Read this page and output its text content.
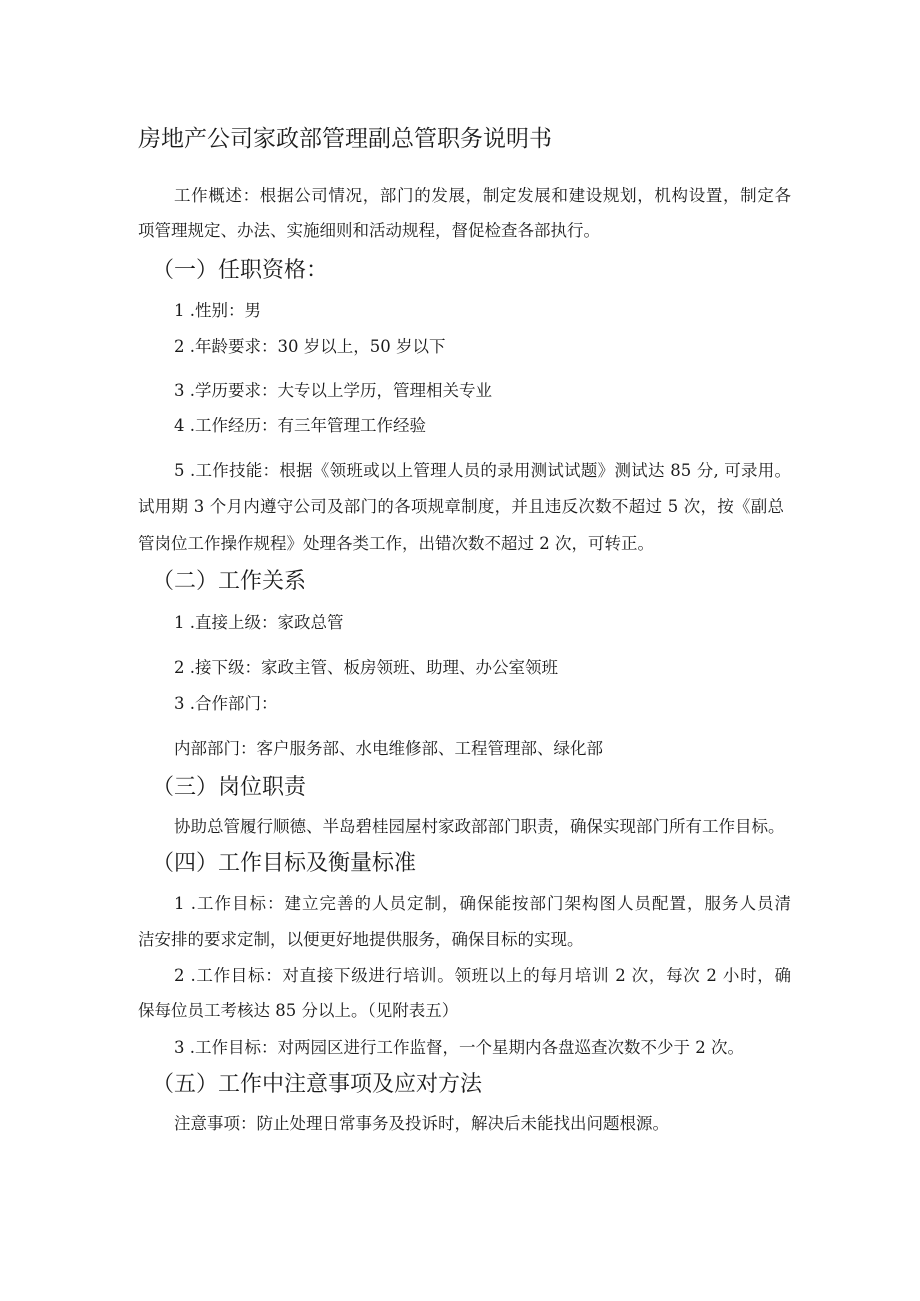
房地产公司家政部管理副总管职务说明书
工作概述：根据公司情况，部门的发展，制定发展和建设规划，机构设置，制定各
项管理规定、办法、实施细则和活动规程，督促检查各部执行。
（一）任职资格：
1 .性别：男
2 .年龄要求：30 岁以上，50 岁以下
3 .学历要求：大专以上学历，管理相关专业
4 .工作经历：有三年管理工作经验
5 .工作技能：根据《领班或以上管理人员的录用测试试题》测试达 85 分, 可录用。
试用期 3 个月内遵守公司及部门的各项规章制度，并且违反次数不超过 5 次，按《副总
管岗位工作操作规程》处理各类工作，出错次数不超过 2 次，可转正。
（二）工作关系
1 .直接上级：家政总管
2 .接下级：家政主管、板房领班、助理、办公室领班
3 .合作部门：
内部部门：客户服务部、水电维修部、工程管理部、绿化部
（三）岗位职责
协助总管履行顺德、半岛碧桂园屋村家政部部门职责，确保实现部门所有工作目标。
（四）工作目标及衡量标准
1 .工作目标：建立完善的人员定制，确保能按部门架构图人员配置，服务人员清
洁安排的要求定制，以便更好地提供服务，确保目标的实现。
2 .工作目标：对直接下级进行培训。领班以上的每月培训 2 次，每次 2 小时，确
保每位员工考核达 85 分以上。（见附表五）
3 .工作目标：对两园区进行工作监督，一个星期内各盘巡查次数不少于 2 次。
（五）工作中注意事项及应对方法
注意事项：防止处理日常事务及投诉时，解决后未能找出问题根源。
